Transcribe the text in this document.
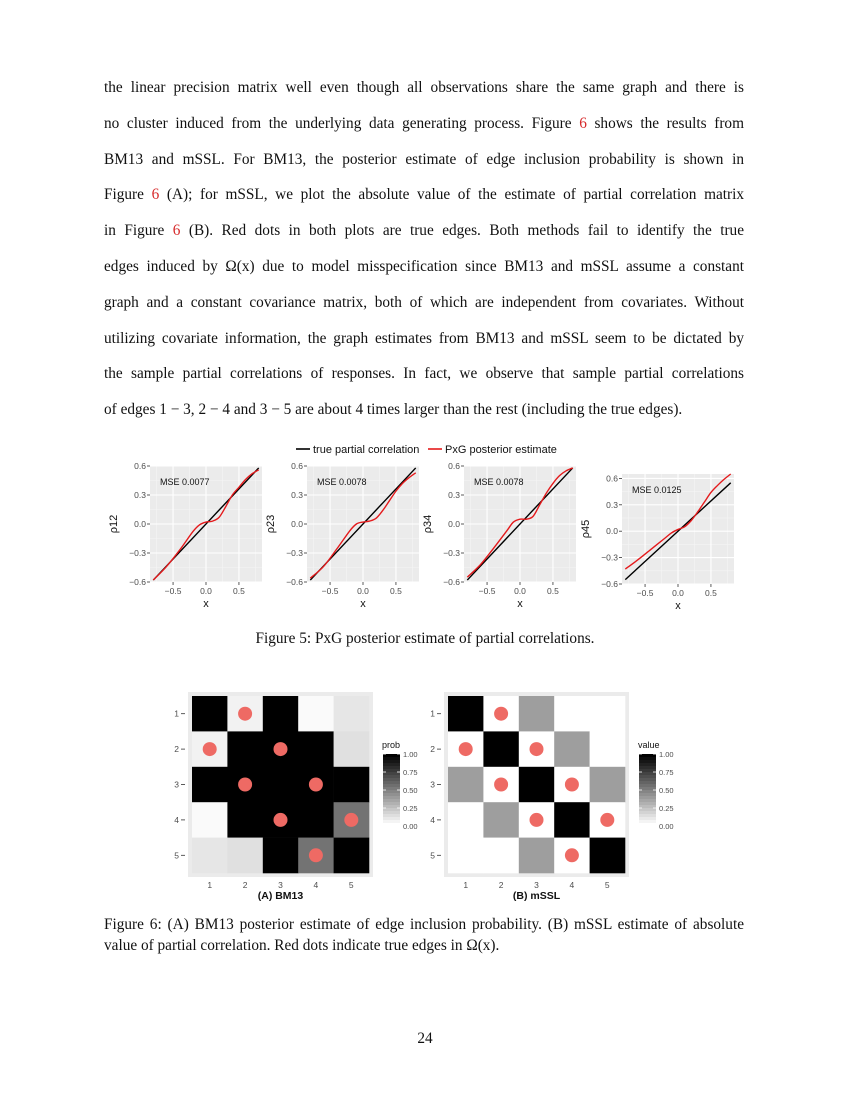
the linear precision matrix well even though all observations share the same graph and there is
no cluster induced from the underlying data generating process. Figure 6 shows the results from
BM13 and mSSL. For BM13, the posterior estimate of edge inclusion probability is shown in
Figure 6 (A); for mSSL, we plot the absolute value of the estimate of partial correlation matrix
in Figure 6 (B). Red dots in both plots are true edges. Both methods fail to identify the true
edges induced by Ω(x) due to model misspecification since BM13 and mSSL assume a constant
graph and a constant covariance matrix, both of which are independent from covariates. Without
utilizing covariate information, the graph estimates from BM13 and mSSL seem to be dictated by
the sample partial correlations of responses. In fact, we observe that sample partial correlations
of edges 1 − 3, 2 − 4 and 3 − 5 are about 4 times larger than the rest (including the true edges).
true partial correlation PxG posterior estimate
−0.6
−0.3
0.0
0.3
0.6
−0.5 0.0 0.5
MSE 0.0077
x
ρ12
−0.6
−0.3
0.0
0.3
0.6
−0.5 0.0 0.5
MSE 0.0078
x
ρ23
−0.6
−0.3
0.0
0.3
0.6
−0.5 0.0 0.5
MSE 0.0078
x
ρ34
−0.6
−0.3
0.0
0.3
0.6
−0.5 0.0 0.5
MSE 0.0125
x
ρ45
Figure 5: PxG posterior estimate of partial correlations.
1
2
3
4
5
1	2	3	4	5
(A) BM13
prob
1.00
0.75
0.50
0.25
0.00
1
2
3
4
5
1	2	3	4	5
(B) mSSL
value
1.00
0.75
0.50
0.25
0.00
Figure 6: (A) BM13 posterior estimate of edge inclusion probability. (B) mSSL estimate of absolute value of partial correlation. Red dots indicate true edges in Ω(x).
24
